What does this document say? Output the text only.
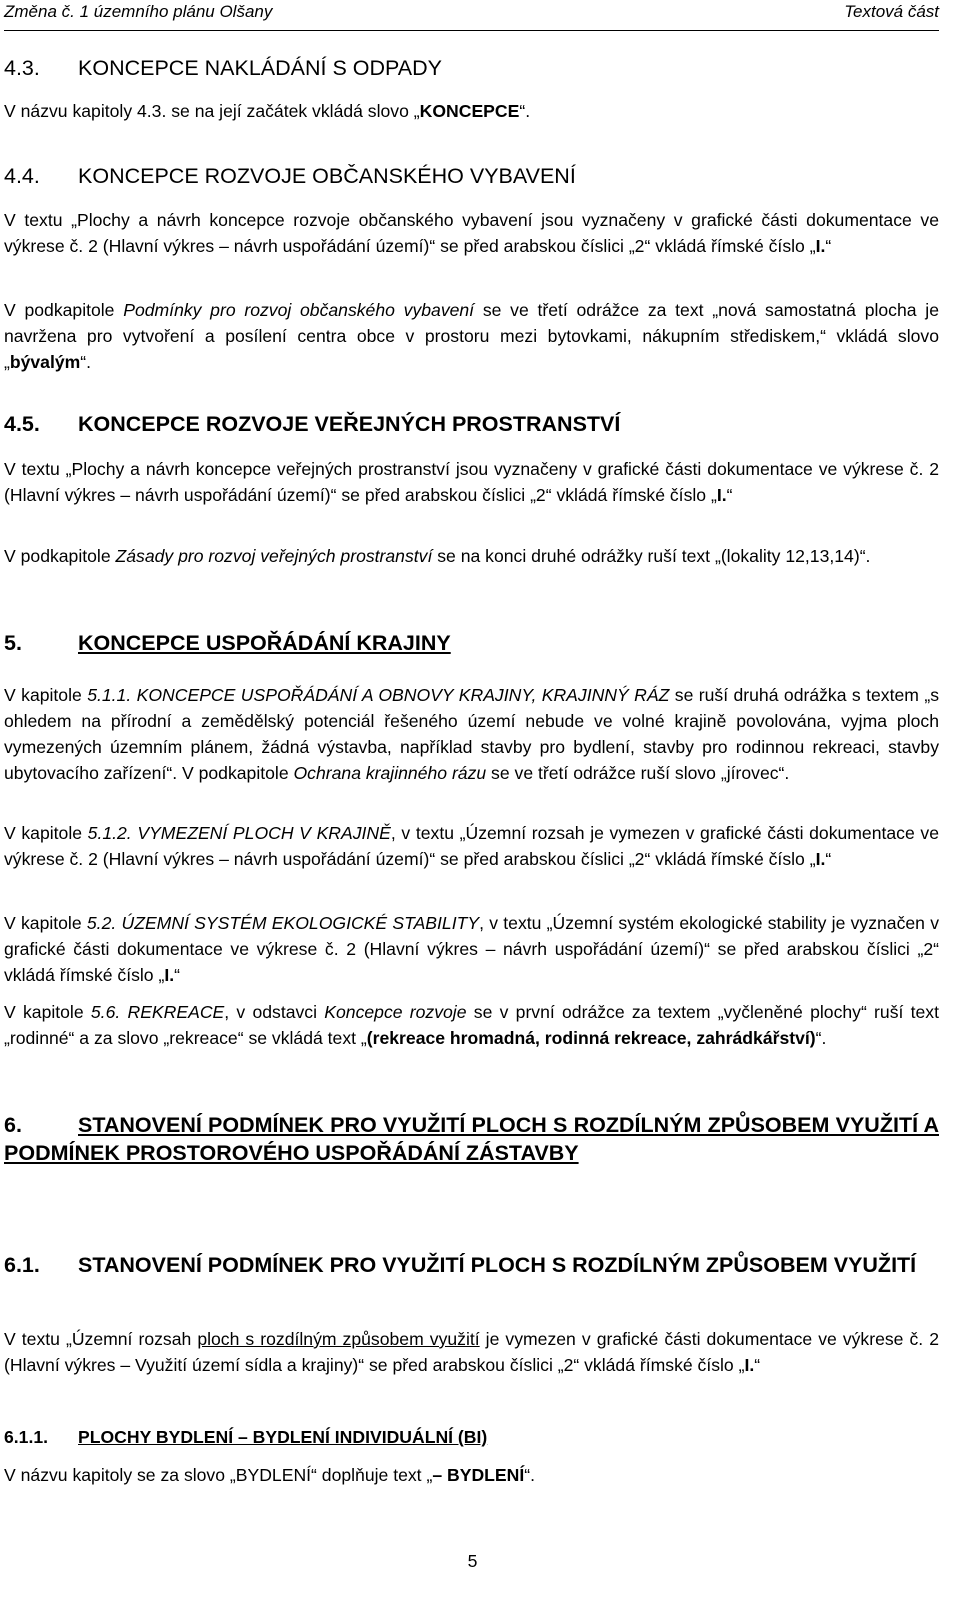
Změna č. 1 územního plánu Olšany	Textová část
4.3. KONCEPCE NAKLÁDÁNÍ S ODPADY

V názvu kapitoly 4.3. se na její začátek vkládá slovo „KONCEPCE“.

4.4. KONCEPCE ROZVOJE OBČANSKÉHO VYBAVENÍ

V textu „Plochy a návrh koncepce rozvoje občanského vybavení jsou vyznačeny v grafické části dokumentace ve výkrese č. 2 (Hlavní výkres – návrh uspořádání území)“ se před arabskou číslici „2“ vkládá římské číslo „I.“

V podkapitole Podmínky pro rozvoj občanského vybavení se ve třetí odrážce za text „nová samostatná plocha je navržena pro vytvoření a posílení centra obce v prostoru mezi bytovkami, nákupním střediskem,“ vkládá slovo „bývalým“.

4.5. KONCEPCE ROZVOJE VEŘEJNÝCH PROSTRANSTVÍ

V textu „Plochy a návrh koncepce veřejných prostranství jsou vyznačeny v grafické části dokumentace ve výkrese č. 2 (Hlavní výkres – návrh uspořádání území)“ se před arabskou číslici „2“ vkládá římské číslo „I.“

V podkapitole Zásady pro rozvoj veřejných prostranství se na konci druhé odrážky ruší text „(lokality 12,13,14)“.

5.	KONCEPCE USPOŘÁDÁNÍ KRAJINY

V kapitole 5.1.1. KONCEPCE USPOŘÁDÁNÍ A OBNOVY KRAJINY, KRAJINNÝ RÁZ se ruší druhá odrážka s textem „s ohledem na přírodní a zemědělský potenciál řešeného území nebude ve volné krajině povolována, vyjma ploch vymezených územním plánem, žádná výstavba, například stavby pro bydlení, stavby pro rodinnou rekreaci, stavby ubytovacího zařízení“. V podkapitole Ochrana krajinného rázu se ve třetí odrážce ruší slovo „jírovec“.

V kapitole 5.1.2. VYMEZENÍ PLOCH V KRAJINĚ, v textu „Územní rozsah je vymezen v grafické části dokumentace ve výkrese č. 2 (Hlavní výkres – návrh uspořádání území)“ se před arabskou číslici „2“ vkládá římské číslo „I.“

V kapitole 5.2. ÚZEMNÍ SYSTÉM EKOLOGICKÉ STABILITY, v textu „Územní systém ekologické stability je vyznačen v grafické části dokumentace ve výkrese č. 2 (Hlavní výkres – návrh uspořádání území)“ se před arabskou číslici „2“ vkládá římské číslo „I.“

V kapitole 5.6. REKREACE, v odstavci Koncepce rozvoje se v první odrážce za textem „vyčleněné plochy“ ruší text „rodinné“ a za slovo „rekreace“ se vkládá text „(rekreace hromadná, rodinná rekreace, zahrádkářství)“.

6.	STANOVENÍ PODMÍNEK PRO VYUŽITÍ PLOCH S ROZDÍLNÝM ZPŮSOBEM VYUŽITÍ A PODMÍNEK PROSTOROVÉHO USPOŘÁDÁNÍ ZÁSTAVBY
6.1. STANOVENÍ PODMÍNEK PRO VYUŽITÍ PLOCH S ROZDÍLNÝM ZPŮSOBEM VYUŽITÍ

V textu „Územní rozsah ploch s rozdílným způsobem využití je vymezen v grafické části dokumentace ve výkrese č. 2 (Hlavní výkres – Využití území sídla a krajiny)“ se před arabskou číslici „2“ vkládá římské číslo „I.“

6.1.1. PLOCHY BYDLENÍ – BYDLENÍ INDIVIDUÁLNÍ (BI)

V názvu kapitoly se za slovo „BYDLENÍ“ doplňuje text „– BYDLENÍ“.

5
